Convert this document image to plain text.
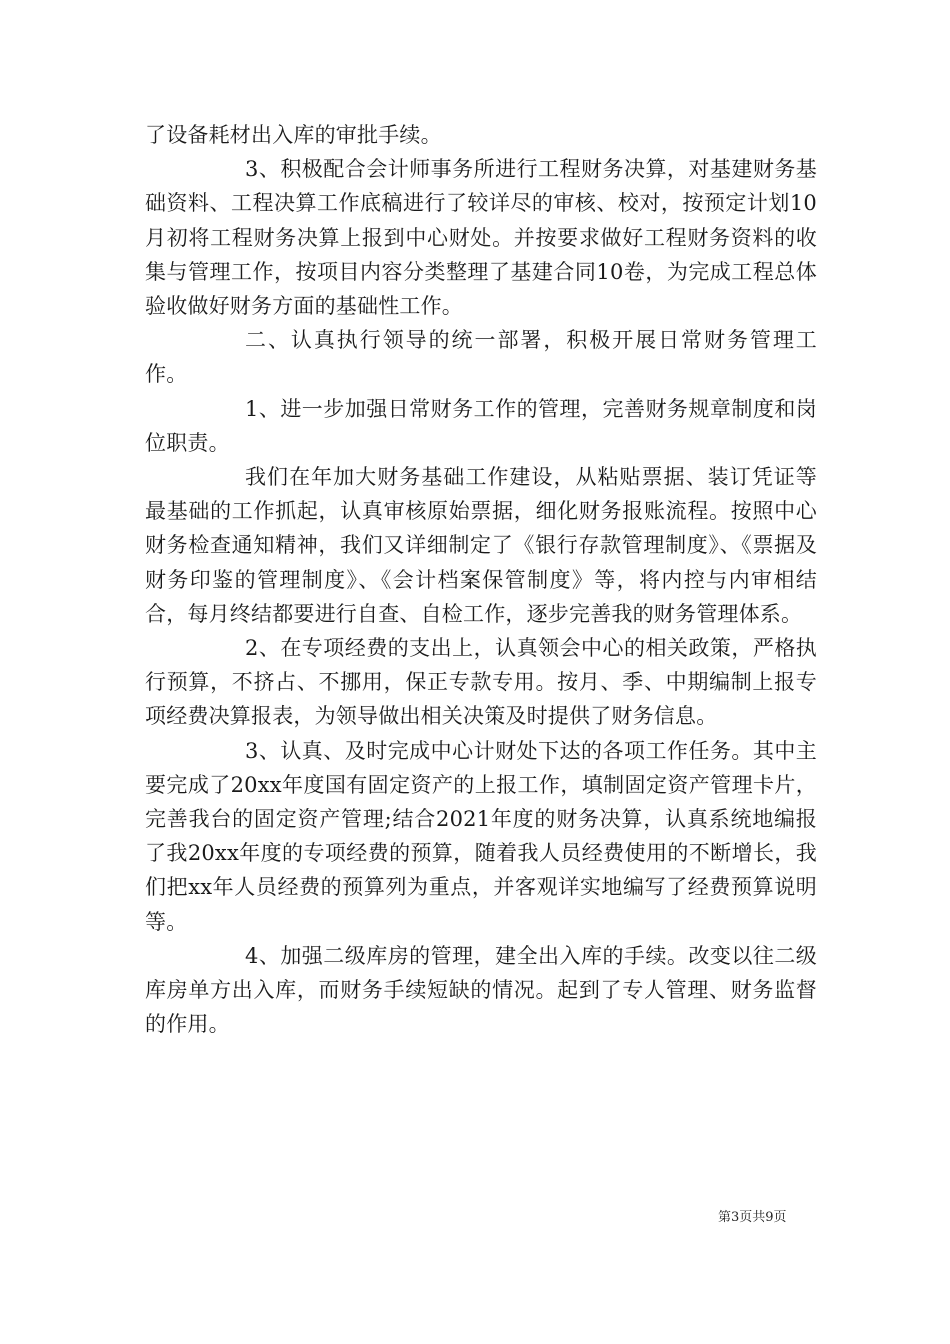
了设备耗材出入库的审批手续。

3、积极配合会计师事务所进行工程财务决算，对基建财务基础资料、工程决算工作底稿进行了较详尽的审核、校对，按预定计划10月初将工程财务决算上报到中心财处。并按要求做好工程财务资料的收集与管理工作，按项目内容分类整理了基建合同10卷，为完成工程总体验收做好财务方面的基础性工作。

二、认真执行领导的统一部署，积极开展日常财务管理工作。

1、进一步加强日常财务工作的管理，完善财务规章制度和岗位职责。

我们在年加大财务基础工作建设，从粘贴票据、装订凭证等最基础的工作抓起，认真审核原始票据，细化财务报账流程。按照中心财务检查通知精神，我们又详细制定了《银行存款管理制度》、《票据及财务印鉴的管理制度》、《会计档案保管制度》等，将内控与内审相结合，每月终结都要进行自查、自检工作，逐步完善我的财务管理体系。

2、在专项经费的支出上，认真领会中心的相关政策，严格执行预算，不挤占、不挪用，保正专款专用。按月、季、中期编制上报专项经费决算报表，为领导做出相关决策及时提供了财务信息。

3、认真、及时完成中心计财处下达的各项工作任务。其中主要完成了20xx年度国有固定资产的上报工作，填制固定资产管理卡片，完善我台的固定资产管理;结合2021年度的财务决算，认真系统地编报了我20xx年度的专项经费的预算，随着我人员经费使用的不断增长，我们把xx年人员经费的预算列为重点，并客观详实地编写了经费预算说明等。

4、加强二级库房的管理，建全出入库的手续。改变以往二级库房单方出入库，而财务手续短缺的情况。起到了专人管理、财务监督的作用。

第3页共9页
